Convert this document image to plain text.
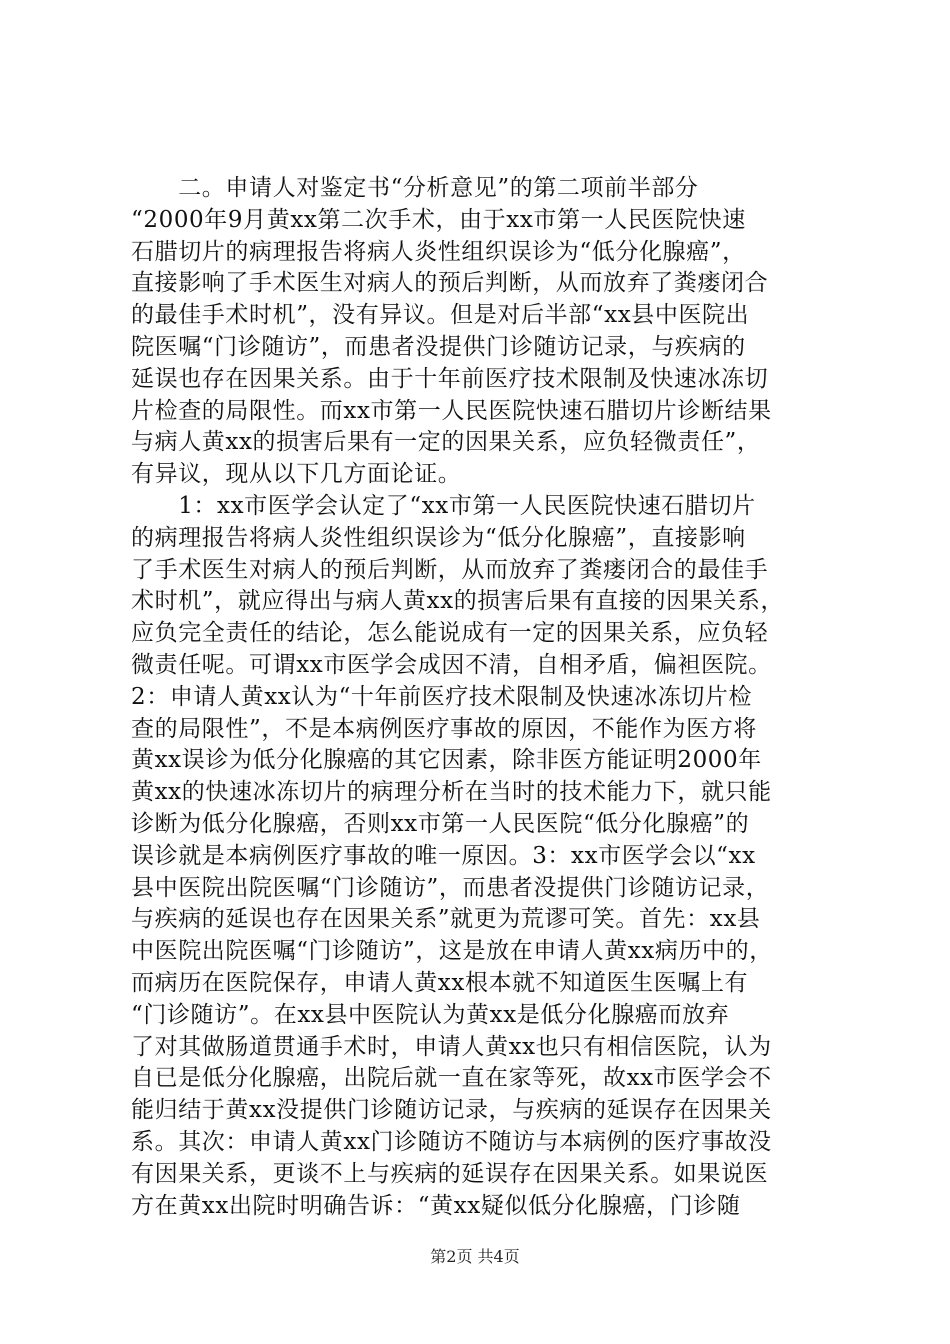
　　二。申请人对鉴定书“分析意见”的第二项前半部分
“2000年9月黄xx第二次手术，由于xx市第一人民医院快速
石腊切片的病理报告将病人炎性组织误诊为“低分化腺癌”，
直接影响了手术医生对病人的预后判断，从而放弃了粪瘘闭合
的最佳手术时机”，没有异议。但是对后半部“xx县中医院出
院医嘱“门诊随访”，而患者没提供门诊随访记录，与疾病的
延误也存在因果关系。由于十年前医疗技术限制及快速冰冻切
片检查的局限性。而xx市第一人民医院快速石腊切片诊断结果
与病人黄xx的损害后果有一定的因果关系，应负轻微责任”，
有异议，现从以下几方面论证。
　　1：xx市医学会认定了“xx市第一人民医院快速石腊切片
的病理报告将病人炎性组织误诊为“低分化腺癌”，直接影响
了手术医生对病人的预后判断，从而放弃了粪瘘闭合的最佳手
术时机”，就应得出与病人黄xx的损害后果有直接的因果关系，
应负完全责任的结论，怎么能说成有一定的因果关系，应负轻
微责任呢。可谓xx市医学会成因不清，自相矛盾，偏袒医院。
2：申请人黄xx认为“十年前医疗技术限制及快速冰冻切片检
查的局限性”，不是本病例医疗事故的原因，不能作为医方将
黄xx误诊为低分化腺癌的其它因素，除非医方能证明2000年
黄xx的快速冰冻切片的病理分析在当时的技术能力下，就只能
诊断为低分化腺癌，否则xx市第一人民医院“低分化腺癌”的
误诊就是本病例医疗事故的唯一原因。3：xx市医学会以“xx
县中医院出院医嘱“门诊随访”，而患者没提供门诊随访记录，
与疾病的延误也存在因果关系”就更为荒谬可笑。首先：xx县
中医院出院医嘱“门诊随访”，这是放在申请人黄xx病历中的，
而病历在医院保存，申请人黄xx根本就不知道医生医嘱上有
“门诊随访”。在xx县中医院认为黄xx是低分化腺癌而放弃
了对其做肠道贯通手术时，申请人黄xx也只有相信医院，认为
自已是低分化腺癌，出院后就一直在家等死，故xx市医学会不
能归结于黄xx没提供门诊随访记录，与疾病的延误存在因果关
系。其次：申请人黄xx门诊随访不随访与本病例的医疗事故没
有因果关系，更谈不上与疾病的延误存在因果关系。如果说医
方在黄xx出院时明确告诉：“黄xx疑似低分化腺癌，门诊随
第2页 共4页
